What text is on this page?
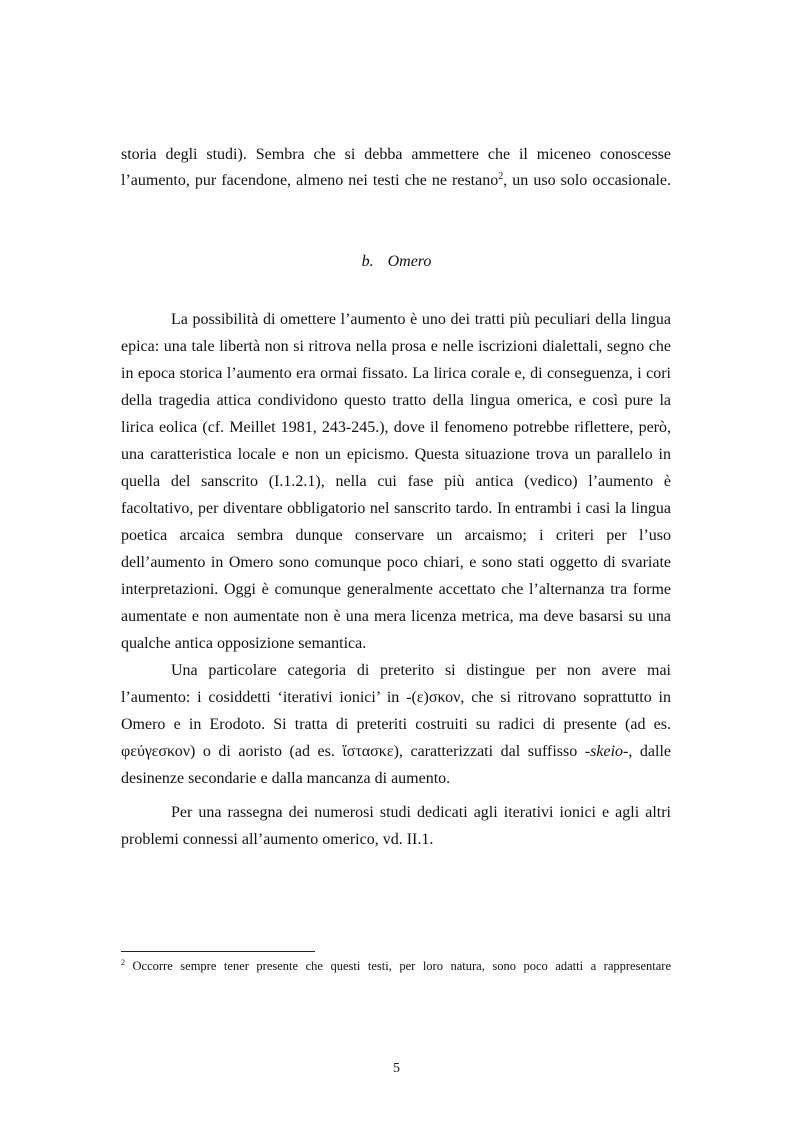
storia degli studi). Sembra che si debba ammettere che il miceneo conoscesse
l’aumento, pur facendone, almeno nei testi che ne restano$^2$, un uso solo occasionale.
b. Omero
La possibilità di omettere l’aumento è uno dei tratti più peculiari della lingua
epica: una tale libertà non si ritrova nella prosa e nelle iscrizioni dialettali, segno che
in epoca storica l’aumento era ormai fissato. La lirica corale e, di conseguenza, i cori
della tragedia attica condividono questo tratto della lingua omerica, e così pure la
lirica eolica (cf. Meillet 1981, 243-245.), dove il fenomeno potrebbe riflettere, però,
una caratteristica locale e non un epicismo. Questa situazione trova un parallelo in
quella del sanscrito (I.1.2.1), nella cui fase più antica (vedico) l’aumento è
facoltativo, per diventare obbligatorio nel sanscrito tardo. In entrambi i casi la lingua
poetica arcaica sembra dunque conservare un arcaismo; i criteri per l’uso
dell’aumento in Omero sono comunque poco chiari, e sono stati oggetto di svariate
interpretazioni. Oggi è comunque generalmente accettato che l’alternanza tra forme
aumentate e non aumentate non è una mera licenza metrica, ma deve basarsi su una
qualche antica opposizione semantica.
Una particolare categoria di preterito si distingue per non avere mai
l’aumento: i cosiddetti ‘iterativi ionici’ in -(ε)σκον, che si ritrovano soprattutto in
Omero e in Erodoto. Si tratta di preteriti costruiti su radici di presente (ad es.
φεύγεσκον) o di aoristo (ad es. ἵστασκε), caratterizzati dal suffisso -skeio-, dalle
desinenze secondarie e dalla mancanza di aumento.
Per una rassegna dei numerosi studi dedicati agli iterativi ionici e agli altri
problemi connessi all’aumento omerico, vd. II.1.
$^2$ Occorre sempre tener presente che questi testi, per loro natura, sono poco adatti a rappresentare
5
